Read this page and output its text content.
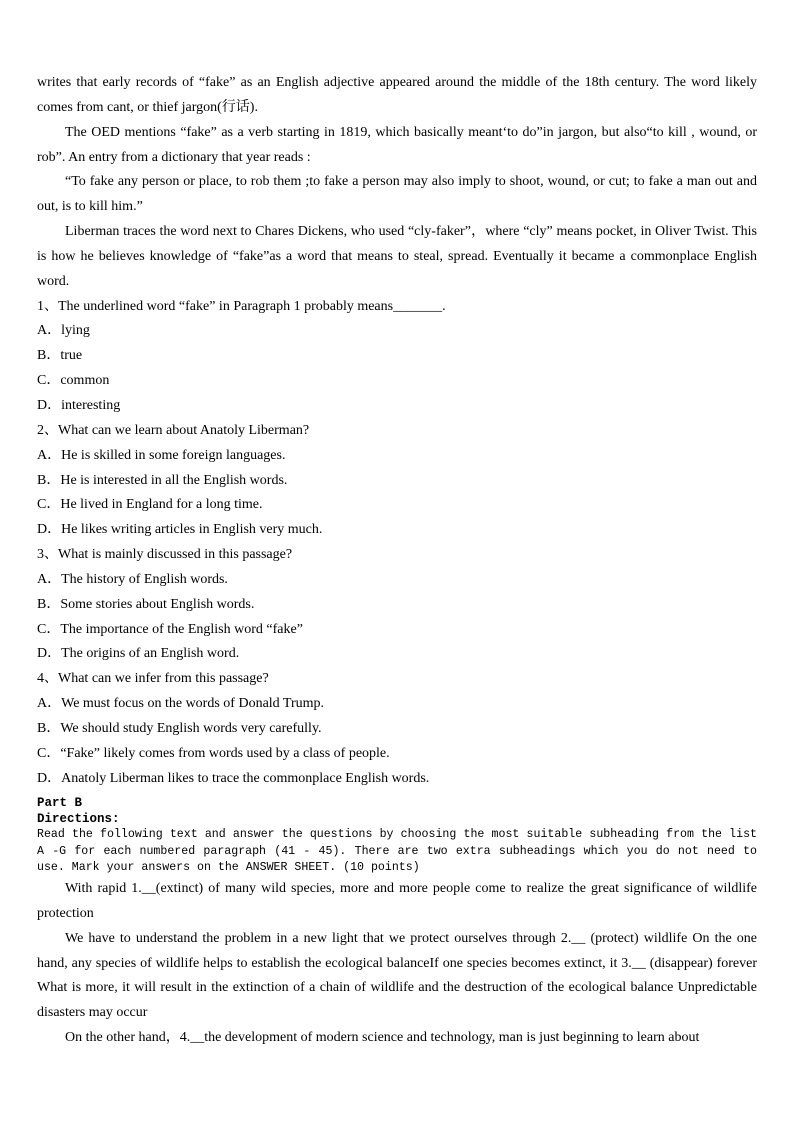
writes that early records of “fake” as an English adjective appeared around the middle of the 18th century. The word likely comes from cant, or thief jargon(行话).

The OED mentions “fake” as a verb starting in 1819, which basically meant‘to do”in jargon, but also“to kill , wound, or rob”. An entry from a dictionary that year reads :

“To fake any person or place, to rob them ;to fake a person may also imply to shoot, wound, or cut; to fake a man out and out, is to kill him.”

Liberman traces the word next to Chares Dickens, who used “cly-faker”，where “cly” means pocket, in Oliver Twist. This is how he believes knowledge of “fake”as a word that means to steal, spread. Eventually it became a commonplace English word.

1、The underlined word “fake” in Paragraph 1 probably means_______.

A．lying

B．true

C．common

D．interesting

2、What can we learn about Anatoly Liberman?

A．He is skilled in some foreign languages.

B．He is interested in all the English words.

C．He lived in England for a long time.

D．He likes writing articles in English very much.

3、What is mainly discussed in this passage?

A．The history of English words.

B．Some stories about English words.

C．The importance of the English word “fake”

D．The origins of an English word.

4、What can we infer from this passage?

A．We must focus on the words of Donald Trump.

B．We should study English words very carefully.

C．“Fake” likely comes from words used by a class of people.

D．Anatoly Liberman likes to trace the commonplace English words.

Part B

Directions:

Read the following text and answer the questions by choosing the most suitable subheading from the list A -G for each numbered paragraph (41 - 45). There are two extra subheadings which you do not need to use. Mark your answers on the ANSWER SHEET. (10 points)

With rapid 1.__(extinct) of many wild species, more and more people come to realize the great significance of wildlife protection

We have to understand the problem in a new light that we protect ourselves through 2.__ (protect) wildlife On the one hand, any species of wildlife helps to establish the ecological balanceIf one species becomes extinct, it 3.__ (disappear) forever What is more, it will result in the extinction of a chain of wildlife and the destruction of the ecological balance Unpredictable disasters may occur

On the other hand，4.__the development of modern science and technology, man is just beginning to learn about
